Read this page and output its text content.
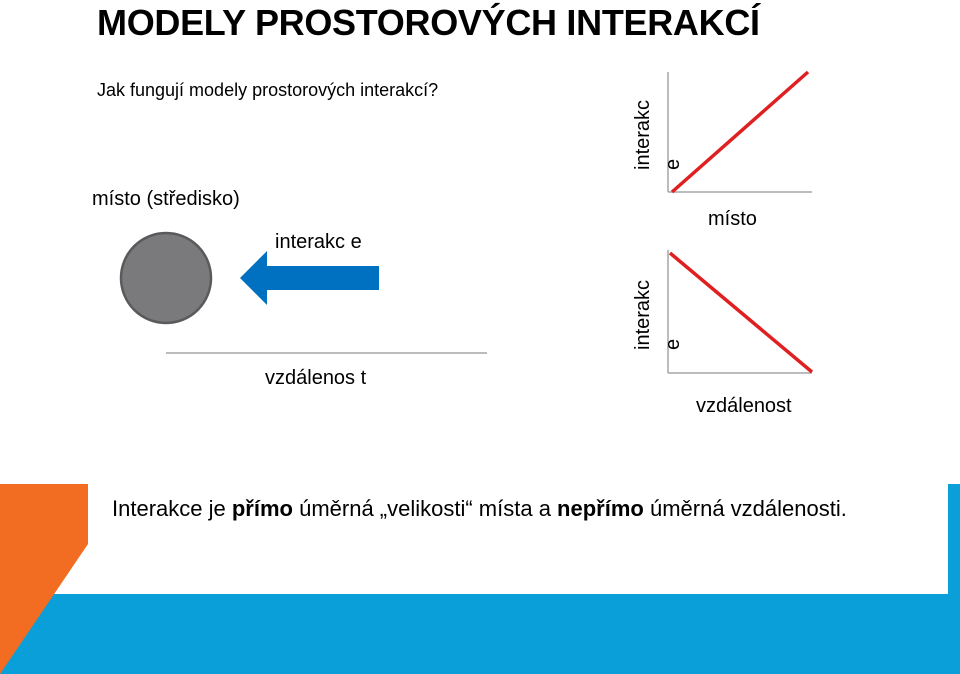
MODELY PROSTOROVÝCH INTERAKCÍ
Jak fungují modely prostorových interakcí?
místo (středisko)
interakc e
vzdálenos t
interakc e
místo
interakc e
vzdálenost
Interakce je přímo úměrná „velikosti“ místa a nepřímo úměrná vzdálenosti.
